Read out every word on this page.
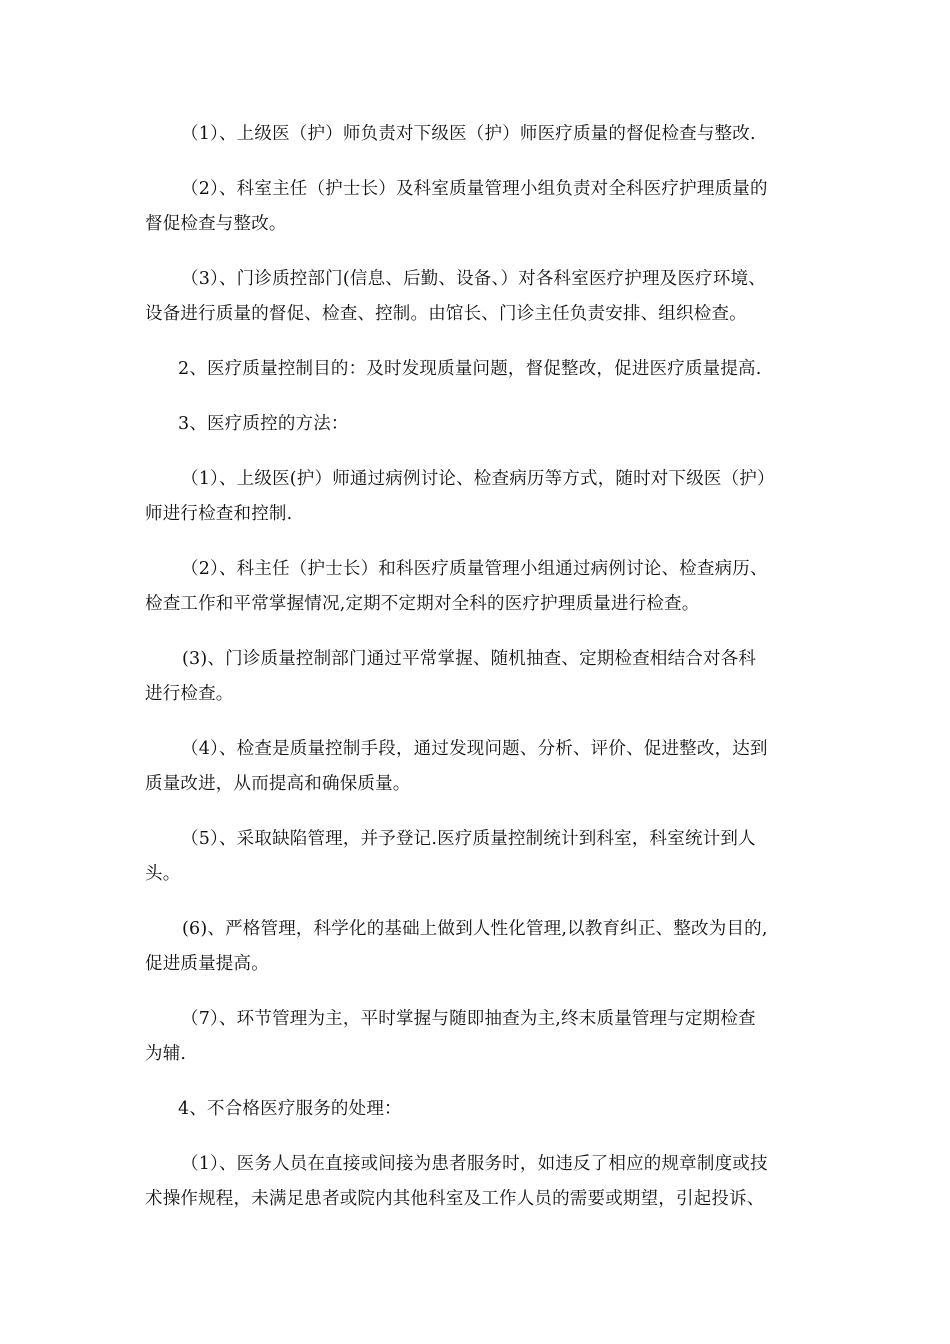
（1）、上级医（护）师负责对下级医（护）师医疗质量的督促检查与整改.

（2）、科室主任（护士长）及科室质量管理小组负责对全科医疗护理质量的
督促检查与整改。

（3）、门诊质控部门(信息、后勤、设备、）对各科室医疗护理及医疗环境、
设备进行质量的督促、检查、控制。由馆长、门诊主任负责安排、组织检查。

2、医疗质量控制目的：及时发现质量问题，督促整改，促进医疗质量提高.

3、医疗质控的方法：

（1）、上级医(护）师通过病例讨论、检查病历等方式，随时对下级医（护）
师进行检查和控制.

（2）、科主任（护士长）和科医疗质量管理小组通过病例讨论、检查病历、
检查工作和平常掌握情况,定期不定期对全科的医疗护理质量进行检查。

(3)、门诊质量控制部门通过平常掌握、随机抽查、定期检查相结合对各科
进行检查。

（4）、检查是质量控制手段，通过发现问题、分析、评价、促进整改，达到
质量改进，从而提高和确保质量。

（5）、采取缺陷管理，并予登记.医疗质量控制统计到科室，科室统计到人
头。

(6)、严格管理，科学化的基础上做到人性化管理,以教育纠正、整改为目的,
促进质量提高。

（7）、环节管理为主，平时掌握与随即抽查为主,终末质量管理与定期检查
为辅.

4、不合格医疗服务的处理：

（1）、医务人员在直接或间接为患者服务时，如违反了相应的规章制度或技
术操作规程，未满足患者或院内其他科室及工作人员的需要或期望，引起投诉、
